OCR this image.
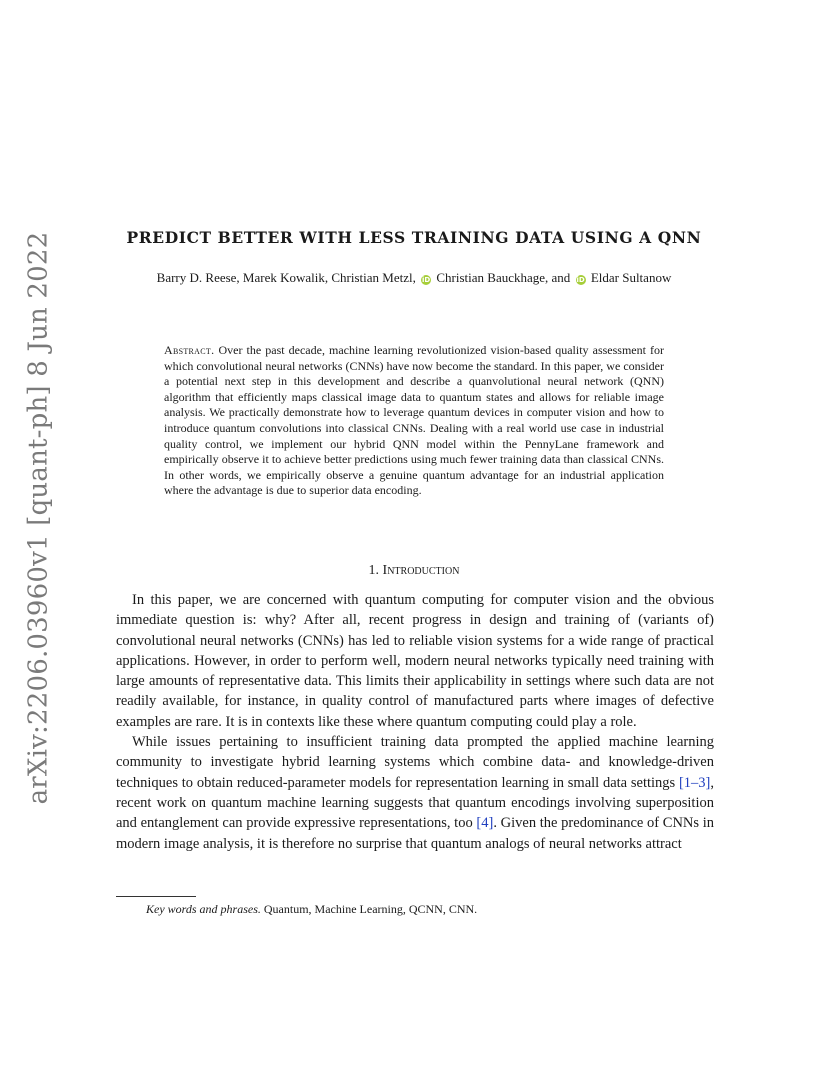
arXiv:2206.03960v1 [quant-ph] 8 Jun 2022	PREDICT BETTER WITH LESS TRAINING DATA USING A QNN
Barry D. Reese, Marek Kowalik, Christian Metzl, iD Christian Bauckhage, and iD Eldar Sultanow
Abstract. Over the past decade, machine learning revolutionized vision-based quality assessment for which convolutional neural networks (CNNs) have now become the standard. In this paper, we consider a potential next step in this development and describe a quanvolutional neural network (QNN) algorithm that efficiently maps classical image data to quantum states and allows for reliable image analysis. We practically demonstrate how to leverage quantum devices in computer vision and how to introduce quantum convolutions into classical CNNs. Dealing with a real world use case in industrial quality control, we implement our hybrid QNN model within the PennyLane framework and empirically observe it to achieve better predictions using much fewer training data than classical CNNs. In other words, we empirically observe a genuine quantum advantage for an industrial application where the advantage is due to superior data encoding.
1. Introduction

In this paper, we are concerned with quantum computing for computer vision and the obvious immediate question is: why? After all, recent progress in design and training of (variants of) convolutional neural networks (CNNs) has led to reliable vision systems for a wide range of practical applications. However, in order to perform well, modern neural networks typically need training with large amounts of representative data. This limits their applicability in settings where such data are not readily available, for instance, in quality control of manufactured parts where images of defective examples are rare. It is in contexts like these where quantum computing could play a role.

While issues pertaining to insufficient training data prompted the applied machine learning community to investigate hybrid learning systems which combine data- and knowledge-driven techniques to obtain reduced-parameter models for representation learning in small data settings [1–3], recent work on quantum machine learning suggests that quantum encodings involving superposition and entanglement can provide expressive representations, too [4]. Given the predominance of CNNs in modern image analysis, it is therefore no surprise that quantum analogs of neural networks attract

Key words and phrases. Quantum, Machine Learning, QCNN, CNN.
